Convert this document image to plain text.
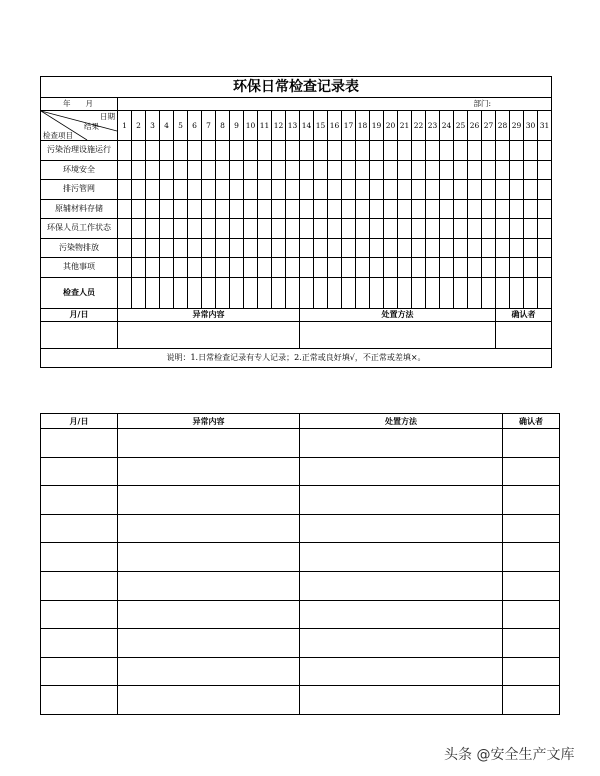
环保日常检查记录表																															
年　　月	部门:																														

日期
结果
检查项目	1	2	3	4	5	6	7	8	9	10	11	12	13	14	15	16	17	18	19	20	21	22	23	24	25	26	27	28	29	30	31
污染治理设施运行																															
环境安全																															
排污管网																															
原辅材料存储																															
环保人员工作状态																															
污染物排放																															
其他事项																															
检查人员																															
月/日	异常内容													处置方法														确认者			

说明：1.日常检查记录有专人记录；2.正常或良好填√，不正常或差填×。																															
月/日	异常内容	处置方法	确认者

头条 @安全生产文库
